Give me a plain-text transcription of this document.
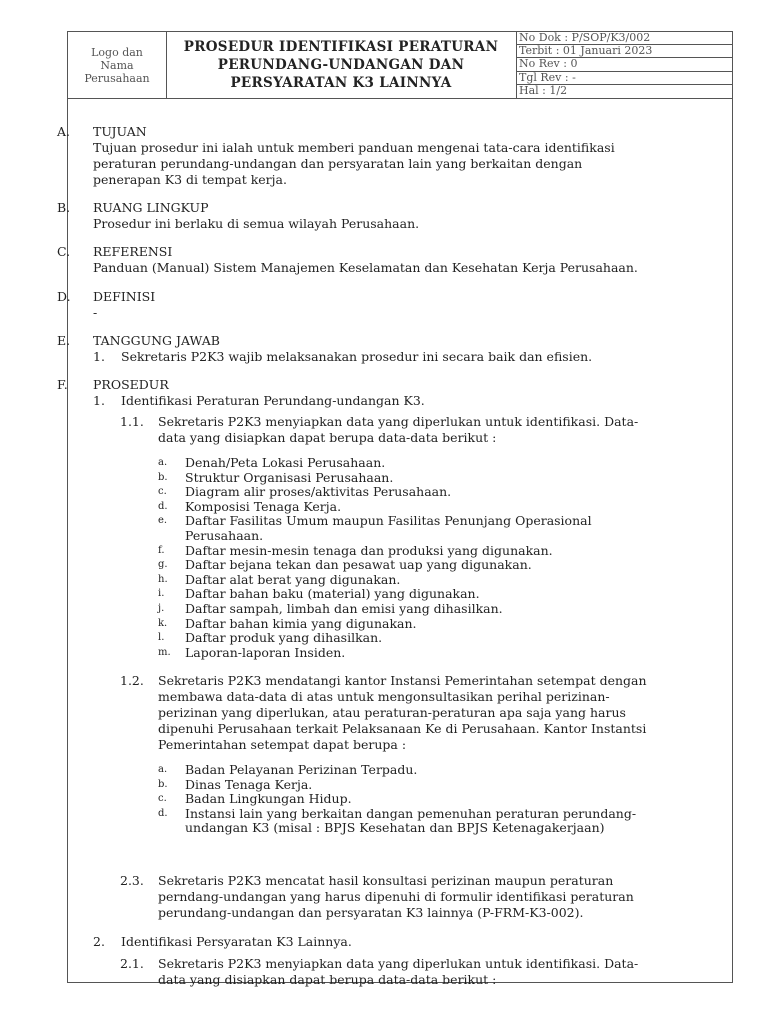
Logo dan
Nama
Perusahaan
PROSEDUR IDENTIFIKASI PERATURAN
PERUNDANG-UNDANGAN DAN
PERSYARATAN K3 LAINNYA
No Dok : P/SOP/K3/002
Terbit : 01 Januari 2023
No Rev : 0
Tgl Rev : -
Hal : 1/2
A. TUJUAN
Tujuan prosedur ini ialah untuk memberi panduan mengenai tata-cara identifikasi
peraturan perundang-undangan dan persyaratan lain yang berkaitan dengan
penerapan K3 di tempat kerja.
B. RUANG LINGKUP
Prosedur ini berlaku di semua wilayah Perusahaan.
C. REFERENSI
Panduan (Manual) Sistem Manajemen Keselamatan dan Kesehatan Kerja Perusahaan.
D. DEFINISI
-
E. TANGGUNG JAWAB
1. Sekretaris P2K3 wajib melaksanakan prosedur ini secara baik dan efisien.
F. PROSEDUR
1. Identifikasi Peraturan Perundang-undangan K3.
1.1. Sekretaris P2K3 menyiapkan data yang diperlukan untuk identifikasi. Data-
data yang disiapkan dapat berupa data-data berikut :
a. Denah/Peta Lokasi Perusahaan.
b. Struktur Organisasi Perusahaan.
c. Diagram alir proses/aktivitas Perusahaan.
d. Komposisi Tenaga Kerja.
e. Daftar Fasilitas Umum maupun Fasilitas Penunjang Operasional
Perusahaan.
f. Daftar mesin-mesin tenaga dan produksi yang digunakan.
g. Daftar bejana tekan dan pesawat uap yang digunakan.
h. Daftar alat berat yang digunakan.
i. Daftar bahan baku (material) yang digunakan.
j. Daftar sampah, limbah dan emisi yang dihasilkan.
k. Daftar bahan kimia yang digunakan.
l. Daftar produk yang dihasilkan.
m. Laporan-laporan Insiden.
1.2. Sekretaris P2K3 mendatangi kantor Instansi Pemerintahan setempat dengan
membawa data-data di atas untuk mengonsultasikan perihal perizinan-
perizinan yang diperlukan, atau peraturan-peraturan apa saja yang harus
dipenuhi Perusahaan terkait Pelaksanaan Ke di Perusahaan. Kantor Instantsi
Pemerintahan setempat dapat berupa :
a. Badan Pelayanan Perizinan Terpadu.
b. Dinas Tenaga Kerja.
c. Badan Lingkungan Hidup.
d. Instansi lain yang berkaitan dangan pemenuhan peraturan perundang-
undangan K3 (misal : BPJS Kesehatan dan BPJS Ketenagakerjaan)
2.3. Sekretaris P2K3 mencatat hasil konsultasi perizinan maupun peraturan
perndang-undangan yang harus dipenuhi di formulir identifikasi peraturan
perundang-undangan dan persyaratan K3 lainnya (P-FRM-K3-002).
2. Identifikasi Persyaratan K3 Lainnya.
2.1. Sekretaris P2K3 menyiapkan data yang diperlukan untuk identifikasi. Data-
data yang disiapkan dapat berupa data-data berikut :
